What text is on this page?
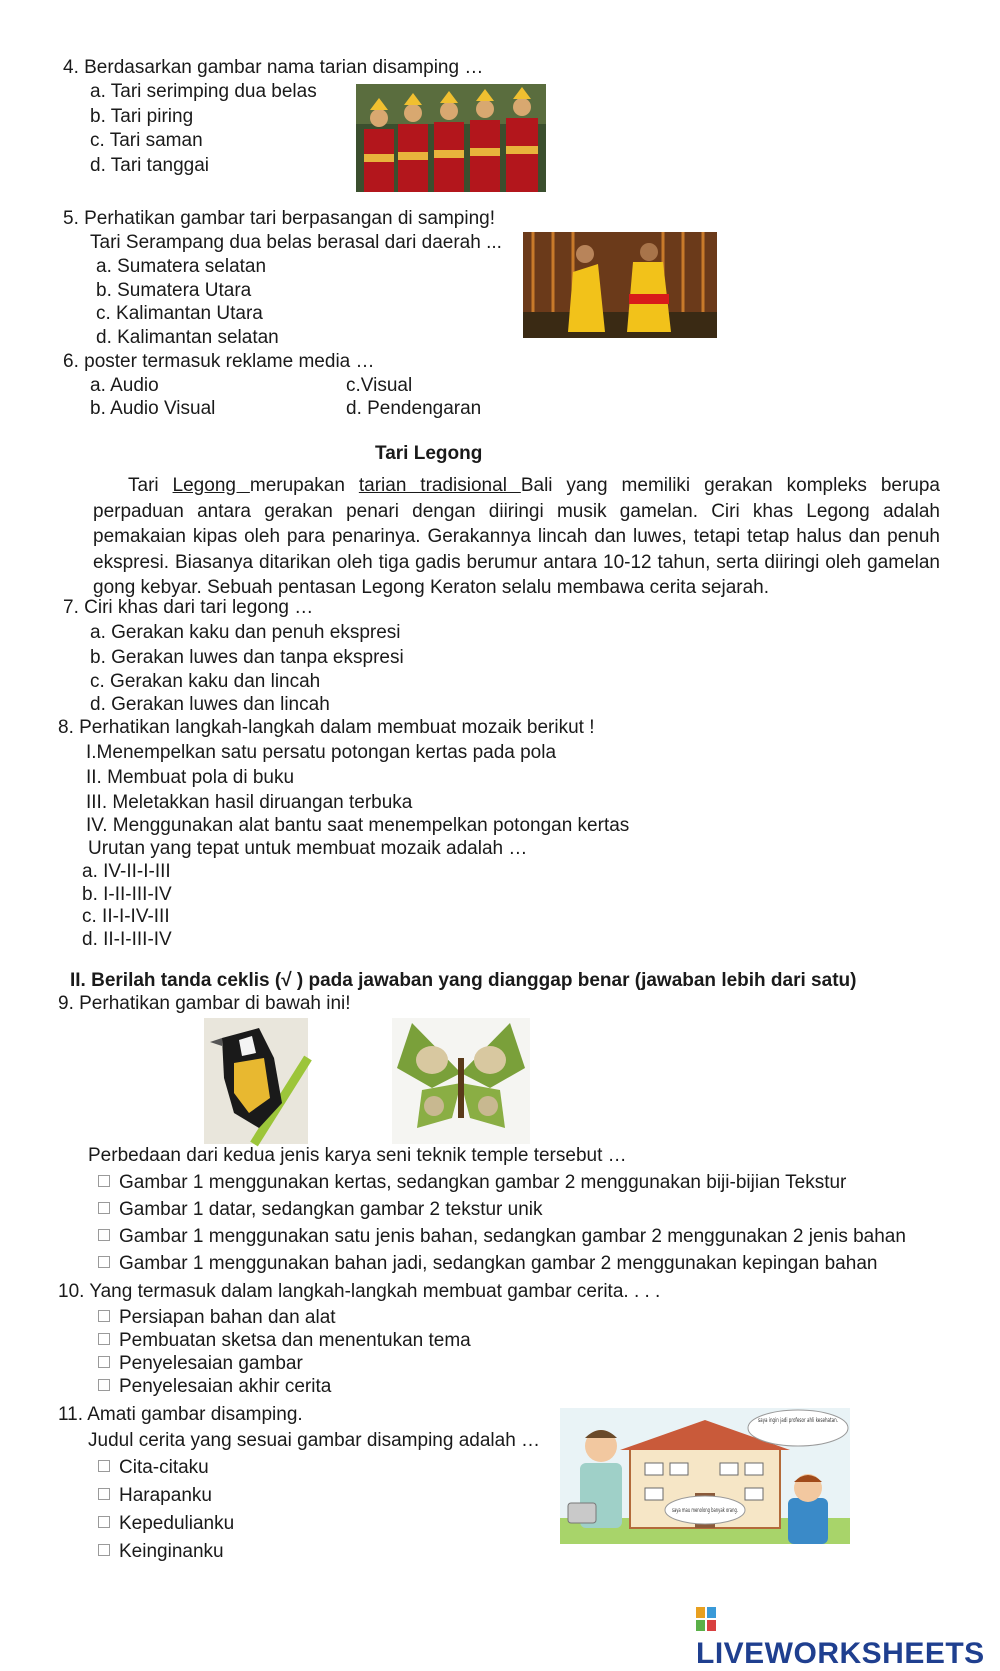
4. Berdasarkan gambar nama tarian disamping …
a. Tari serimping dua belas
b. Tari piring
c. Tari saman
d. Tari tanggai
5. Perhatikan gambar tari berpasangan di samping!
Tari Serampang dua belas berasal dari daerah ...
a. Sumatera selatan
b. Sumatera Utara
c. Kalimantan Utara
d. Kalimantan selatan
6. poster termasuk reklame media …
a. Audio
b. Audio Visual
c.Visual
d. Pendengaran
Tari Legong
Tari Legong merupakan tarian tradisional Bali yang memiliki gerakan kompleks berupa perpaduan antara gerakan penari dengan diiringi musik gamelan. Ciri khas Legong adalah pemakaian kipas oleh para penarinya. Gerakannya lincah dan luwes, tetapi tetap halus dan penuh ekspresi. Biasanya ditarikan oleh tiga gadis berumur antara 10-12 tahun, serta diiringi oleh gamelan gong kebyar. Sebuah pentasan Legong Keraton selalu membawa cerita sejarah.
7. Ciri khas dari tari legong …
a. Gerakan kaku dan penuh ekspresi
b. Gerakan luwes dan tanpa ekspresi
c. Gerakan kaku dan lincah
d. Gerakan luwes dan lincah
8. Perhatikan langkah-langkah dalam membuat mozaik berikut !
I.Menempelkan satu persatu potongan kertas pada pola
II. Membuat pola di buku
III. Meletakkan hasil diruangan terbuka
IV. Menggunakan alat bantu saat menempelkan potongan kertas
Urutan yang tepat untuk membuat mozaik adalah …
a. IV-II-I-III
b. I-II-III-IV
c. II-I-IV-III
d. II-I-III-IV
II. Berilah tanda ceklis (√ ) pada jawaban yang dianggap benar (jawaban lebih dari satu)
9. Perhatikan gambar di bawah ini!
Perbedaan dari kedua jenis karya seni teknik temple tersebut …
Gambar 1 menggunakan kertas, sedangkan gambar 2 menggunakan biji-bijian Tekstur
Gambar 1 datar, sedangkan gambar 2 tekstur unik
Gambar 1 menggunakan satu jenis bahan, sedangkan gambar 2 menggunakan 2 jenis bahan
Gambar 1 menggunakan bahan jadi, sedangkan gambar 2 menggunakan kepingan bahan
10. Yang termasuk dalam langkah-langkah membuat gambar cerita. . . .
Persiapan bahan dan alat
Pembuatan sketsa dan menentukan tema
Penyelesaian gambar
Penyelesaian akhir cerita
11. Amati gambar disamping.
Judul cerita yang sesuai gambar disamping adalah …
Cita-citaku
Harapanku
Kepedulianku
Keinginanku
saya ingin jadi profesor ahli kesehatan.
saya mau menolong banyak orang.
LIVEWORKSHEETS
